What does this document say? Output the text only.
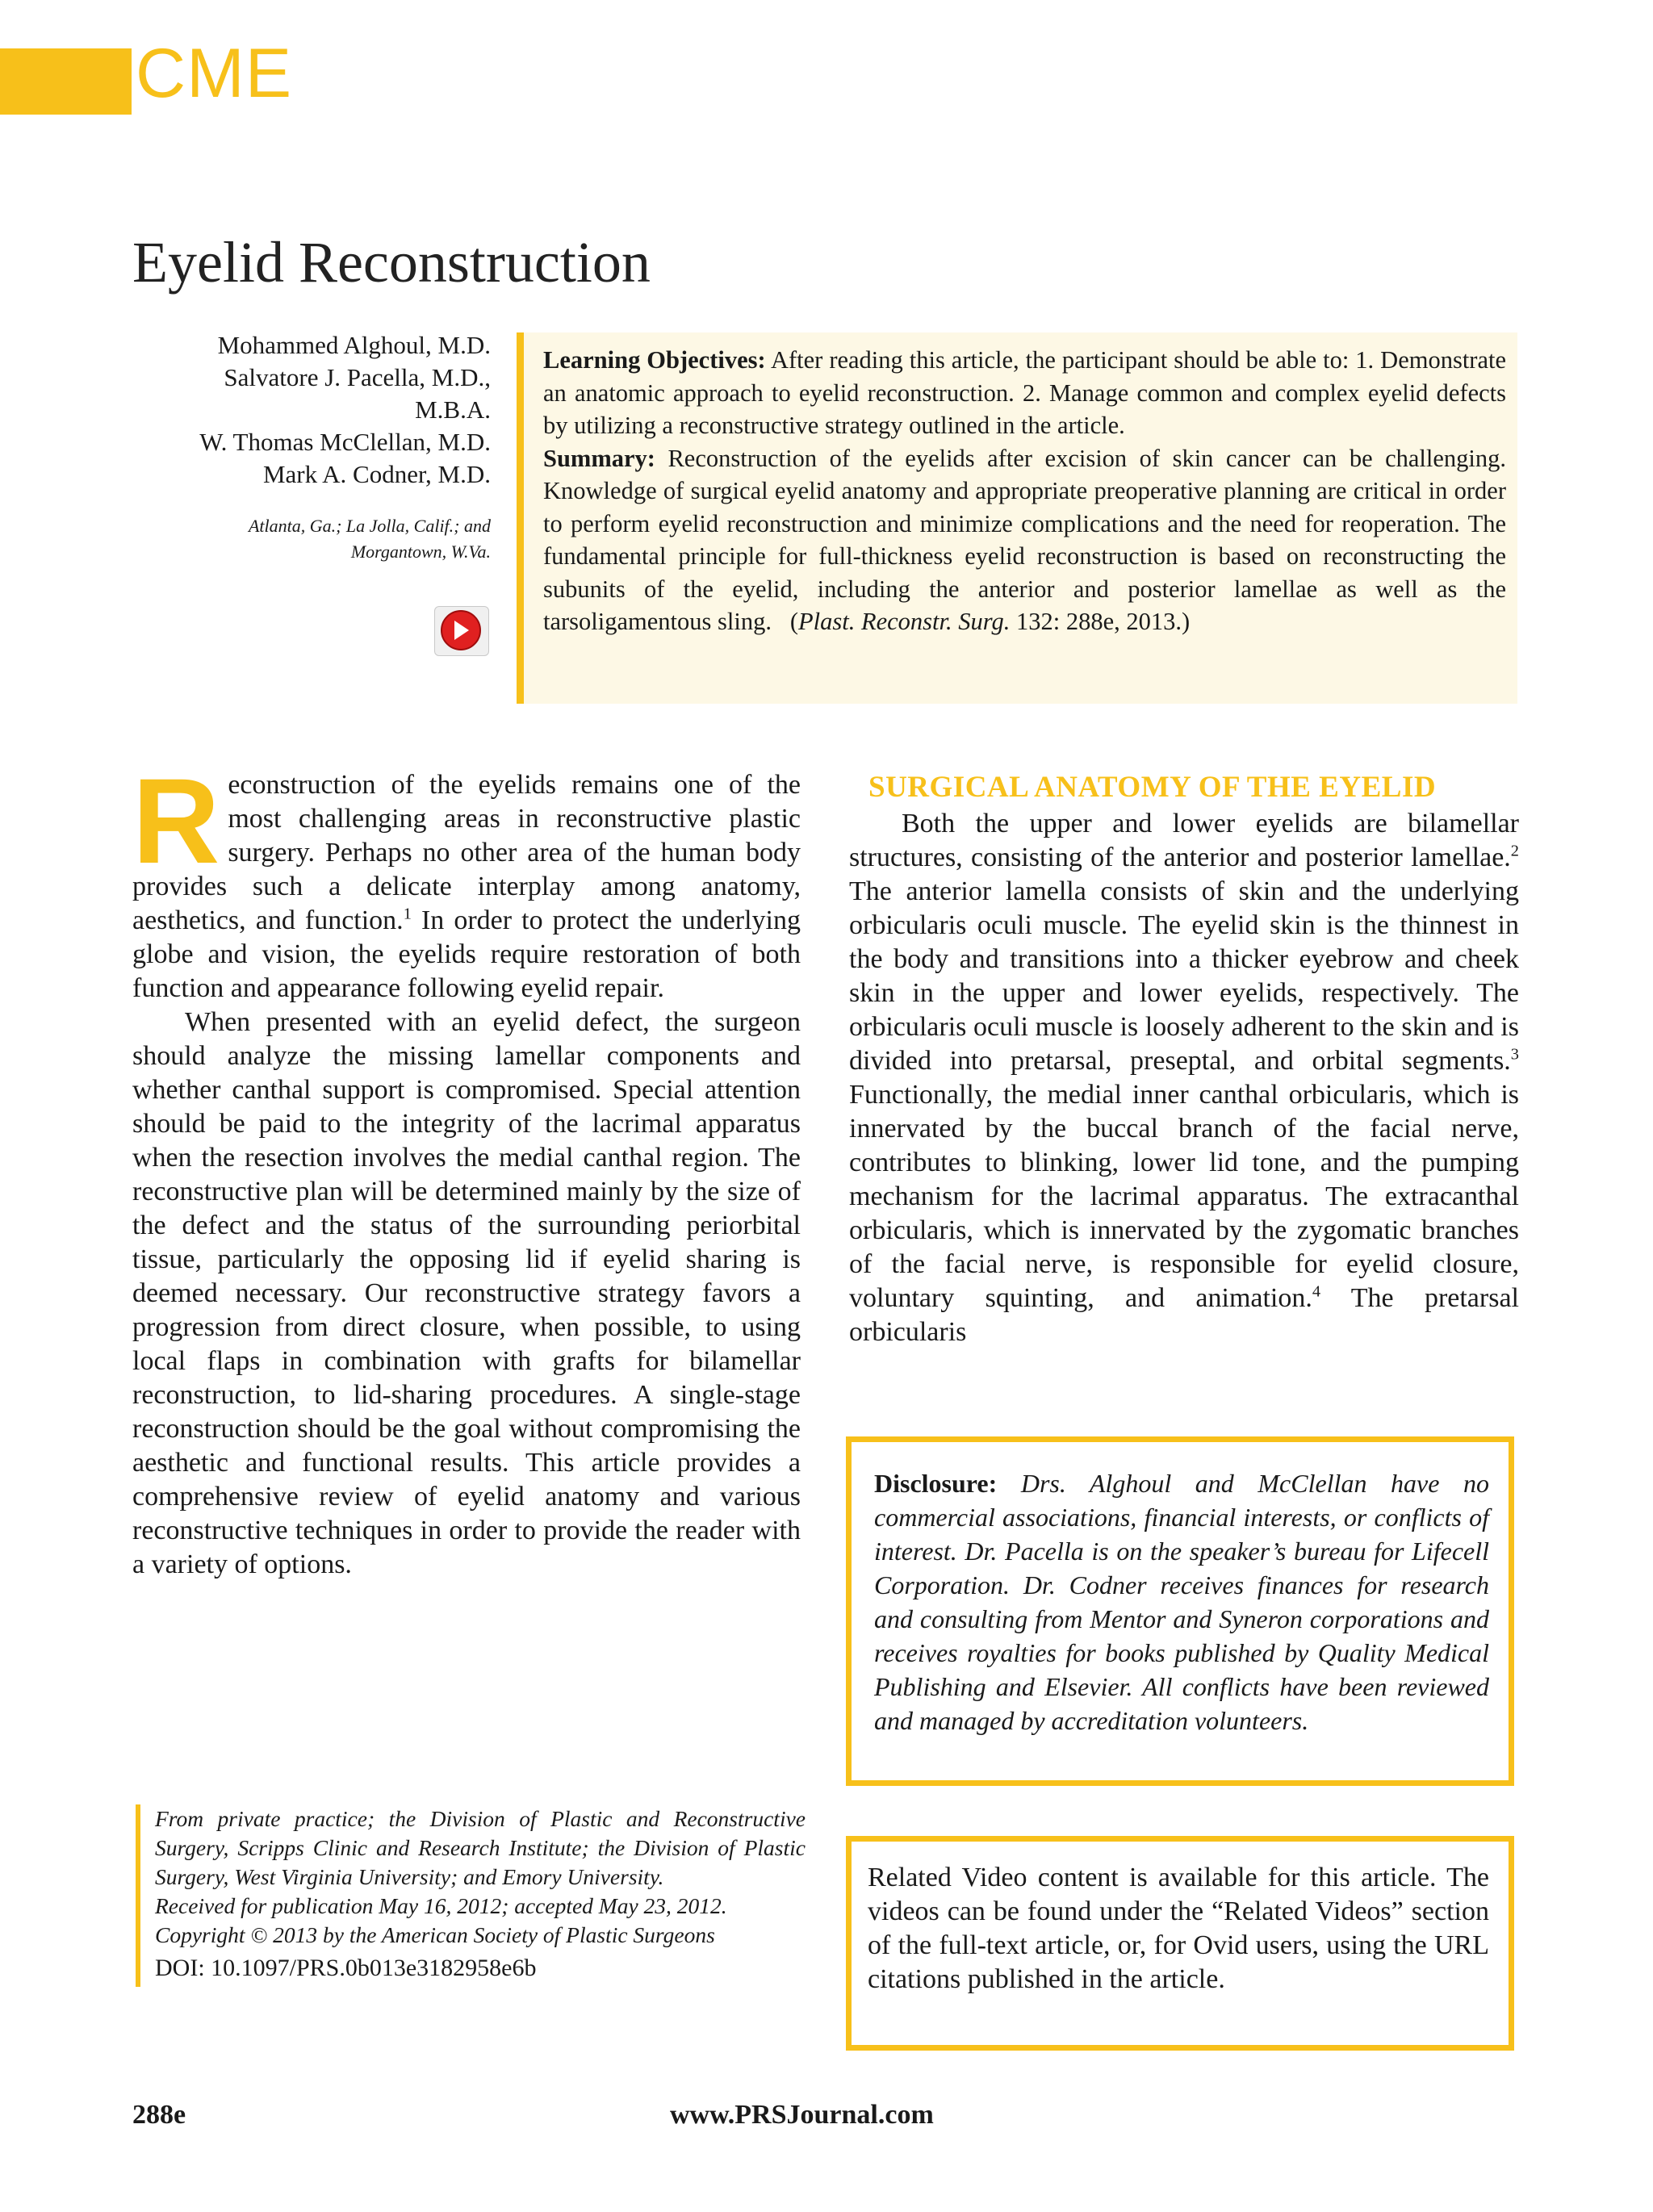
CME
Eyelid Reconstruction
Mohammed Alghoul, M.D.
Salvatore J. Pacella, M.D.,
M.B.A.
W. Thomas McClellan, M.D.
Mark A. Codner, M.D.
Atlanta, Ga.; La Jolla, Calif.; and
Morgantown, W.Va.
Learning Objectives: After reading this article, the participant should be able to: 1. Demonstrate an anatomic approach to eyelid reconstruction. 2. Manage common and complex eyelid defects by utilizing a reconstructive strategy outlined in the article.
Summary: Reconstruction of the eyelids after excision of skin cancer can be challenging. Knowledge of surgical eyelid anatomy and appropriate preoperative planning are critical in order to perform eyelid reconstruction and minimize complications and the need for reoperation. The fundamental principle for full-thickness eyelid reconstruction is based on reconstructing the subunits of the eyelid, including the anterior and posterior lamellae as well as the tarsoligamentous sling. (Plast. Reconstr. Surg. 132: 288e, 2013.)

Reconstruction of the eyelids remains one of the most challenging areas in reconstructive plastic surgery. Perhaps no other area of the human body provides such a delicate interplay among anatomy, aesthetics, and function.$^1$ In order to protect the underlying globe and vision, the eyelids require restoration of both function and appearance following eyelid repair.

When presented with an eyelid defect, the surgeon should analyze the missing lamellar components and whether canthal support is compromised. Special attention should be paid to the integrity of the lacrimal apparatus when the resection involves the medial canthal region. The reconstructive plan will be determined mainly by the size of the defect and the status of the surrounding periorbital tissue, particularly the opposing lid if eyelid sharing is deemed necessary. Our reconstructive strategy favors a progression from direct closure, when possible, to using local flaps in combination with grafts for bilamellar reconstruction, to lid-sharing procedures. A single-stage reconstruction should be the goal without compromising the aesthetic and functional results. This article provides a comprehensive review of eyelid anatomy and various reconstructive techniques in order to provide the reader with a variety of options.

SURGICAL ANATOMY OF THE EYELID

Both the upper and lower eyelids are bilamellar structures, consisting of the anterior and posterior lamellae.$^2$ The anterior lamella consists of skin and the underlying orbicularis oculi muscle. The eyelid skin is the thinnest in the body and transitions into a thicker eyebrow and cheek skin in the upper and lower eyelids, respectively. The orbicularis oculi muscle is loosely adherent to the skin and is divided into pretarsal, preseptal, and orbital segments.$^3$ Functionally, the medial inner canthal orbicularis, which is innervated by the buccal branch of the facial nerve, contributes to blinking, lower lid tone, and the pumping mechanism for the lacrimal apparatus. The extracanthal orbicularis, which is innervated by the zygomatic branches of the facial nerve, is responsible for eyelid closure, voluntary squinting, and animation.$^4$ The pretarsal orbicularis

Disclosure: Drs. Alghoul and McClellan have no commercial associations, financial interests, or conflicts of interest. Dr. Pacella is on the speaker’s bureau for Lifecell Corporation. Dr. Codner receives finances for research and consulting from Mentor and Syneron corporations and receives royalties for books published by Quality Medical Publishing and Elsevier. All conflicts have been reviewed and managed by accreditation volunteers.
Related Video content is available for this article. The videos can be found under the “Related Videos” section of the full-text article, or, for Ovid users, using the URL citations published in the article.

From private practice; the Division of Plastic and Reconstructive Surgery, Scripps Clinic and Research Institute; the Division of Plastic Surgery, West Virginia University; and Emory University.

Received for publication May 16, 2012; accepted May 23, 2012.

Copyright © 2013 by the American Society of Plastic Surgeons

DOI: 10.1097/PRS.0b013e3182958e6b

288e	www.PRSJournal.com
